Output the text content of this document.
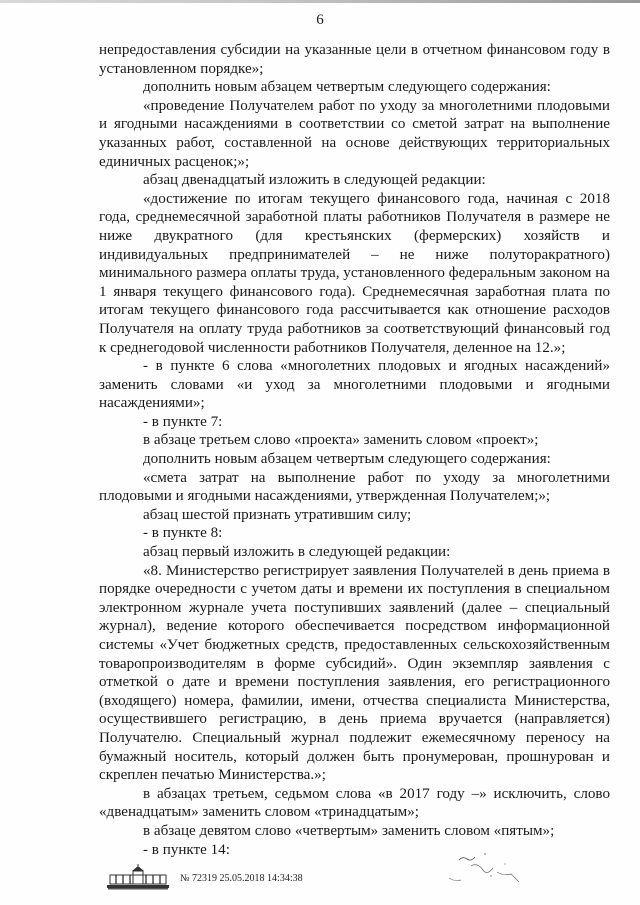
6

непредоставления субсидии на указанные цели в отчетном финансовом году в установленном порядке»;

дополнить новым абзацем четвертым следующего содержания:

«проведение Получателем работ по уходу за многолетними плодовыми и ягодными насаждениями в соответствии со сметой затрат на выполнение указанных работ, составленной на основе действующих территориальных единичных расценок;»;

абзац двенадцатый изложить в следующей редакции:

«достижение по итогам текущего финансового года, начиная с 2018 года, среднемесячной заработной платы работников Получателя в размере не ниже двукратного (для крестьянских (фермерских) хозяйств и индивидуальных предпринимателей – не ниже полуторакратного) минимального размера оплаты труда, установленного федеральным законом на 1 января текущего финансового года). Среднемесячная заработная плата по итогам текущего финансового года рассчитывается как отношение расходов Получателя на оплату труда работников за соответствующий финансовый год к среднегодовой численности работников Получателя, деленное на 12.»;

- в пункте 6 слова «многолетних плодовых и ягодных насаждений» заменить словами «и уход за многолетними плодовыми и ягодными насаждениями»;

- в пункте 7:

в абзаце третьем слово «проекта» заменить словом «проект»;

дополнить новым абзацем четвертым следующего содержания:

«смета затрат на выполнение работ по уходу за многолетними плодовыми и ягодными насаждениями, утвержденная Получателем;»;

абзац шестой признать утратившим силу;

- в пункте 8:

абзац первый изложить в следующей редакции:

«8. Министерство регистрирует заявления Получателей в день приема в порядке очередности с учетом даты и времени их поступления в специальном электронном журнале учета поступивших заявлений (далее – специальный журнал), ведение которого обеспечивается посредством информационной системы «Учет бюджетных средств, предоставленных сельскохозяйственным товаропроизводителям в форме субсидий». Один экземпляр заявления с отметкой о дате и времени поступления заявления, его регистрационного (входящего) номера, фамилии, имени, отчества специалиста Министерства, осуществившего регистрацию, в день приема вручается (направляется) Получателю. Специальный журнал подлежит ежемесячному переносу на бумажный носитель, который должен быть пронумерован, прошнурован и скреплен печатью Министерства.»;

в абзацах третьем, седьмом слова «в 2017 году –» исключить, слово «двенадцатым» заменить словом «тринадцатым»;

в абзаце девятом слово «четвертым» заменить словом «пятым»;

- в пункте 14:

№ 72319 25.05.2018 14:34:38
